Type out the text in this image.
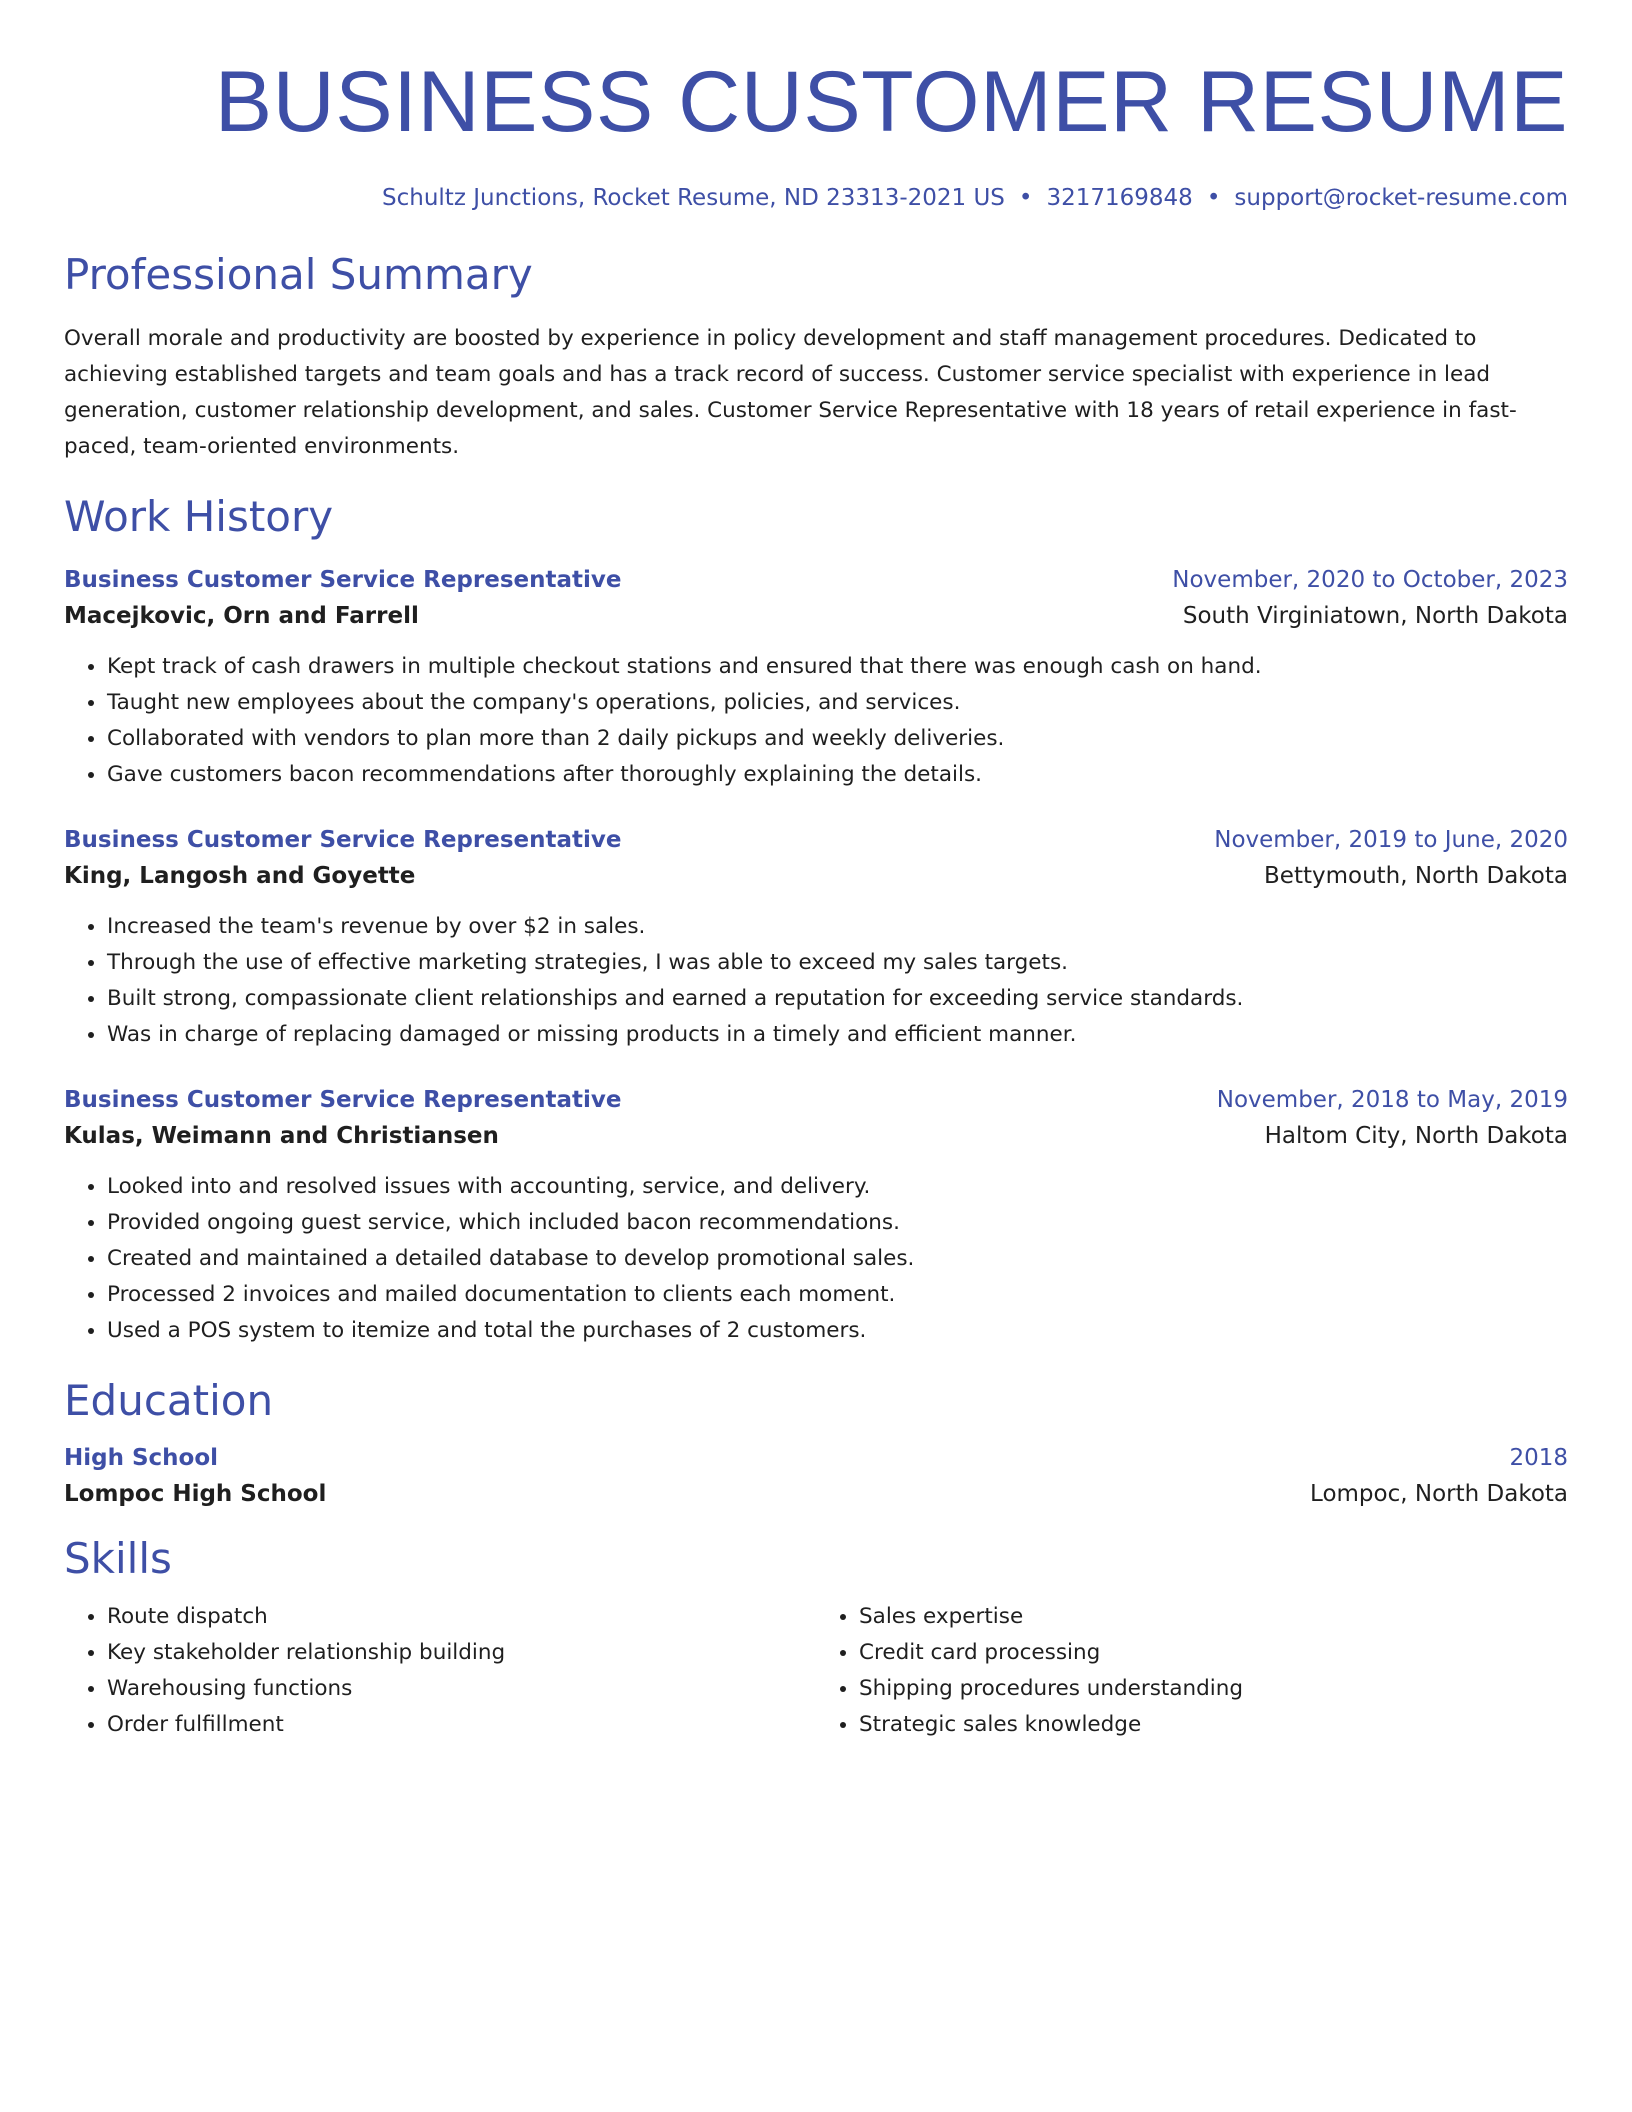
BUSINESS CUSTOMER RESUME
Schultz Junctions, Rocket Resume, ND 23313-2021 US • 3217169848 • support@rocket-resume.com
Professional Summary
Overall morale and productivity are boosted by experience in policy development and staff management procedures. Dedicated to achieving established targets and team goals and has a track record of success. Customer service specialist with experience in lead generation, customer relationship development, and sales. Customer Service Representative with 18 years of retail experience in fast-paced, team-oriented environments.
Work History
Business Customer Service Representative	November, 2020 to October, 2023
Macejkovic, Orn and Farrell	South Virginiatown, North Dakota
• Kept track of cash drawers in multiple checkout stations and ensured that there was enough cash on hand.
• Taught new employees about the company's operations, policies, and services.
• Collaborated with vendors to plan more than 2 daily pickups and weekly deliveries.
• Gave customers bacon recommendations after thoroughly explaining the details.
Business Customer Service Representative	November, 2019 to June, 2020
King, Langosh and Goyette	Bettymouth, North Dakota
• Increased the team's revenue by over $2 in sales.
• Through the use of effective marketing strategies, I was able to exceed my sales targets.
• Built strong, compassionate client relationships and earned a reputation for exceeding service standards.
• Was in charge of replacing damaged or missing products in a timely and efficient manner.
Business Customer Service Representative	November, 2018 to May, 2019
Kulas, Weimann and Christiansen	Haltom City, North Dakota
• Looked into and resolved issues with accounting, service, and delivery.
• Provided ongoing guest service, which included bacon recommendations.
• Created and maintained a detailed database to develop promotional sales.
• Processed 2 invoices and mailed documentation to clients each moment.
• Used a POS system to itemize and total the purchases of 2 customers.
Education
High School	2018
Lompoc High School	Lompoc, North Dakota
Skills
• Route dispatch
• Key stakeholder relationship building
• Warehousing functions
• Order fulfillment
• Sales expertise
• Credit card processing
• Shipping procedures understanding
• Strategic sales knowledge
